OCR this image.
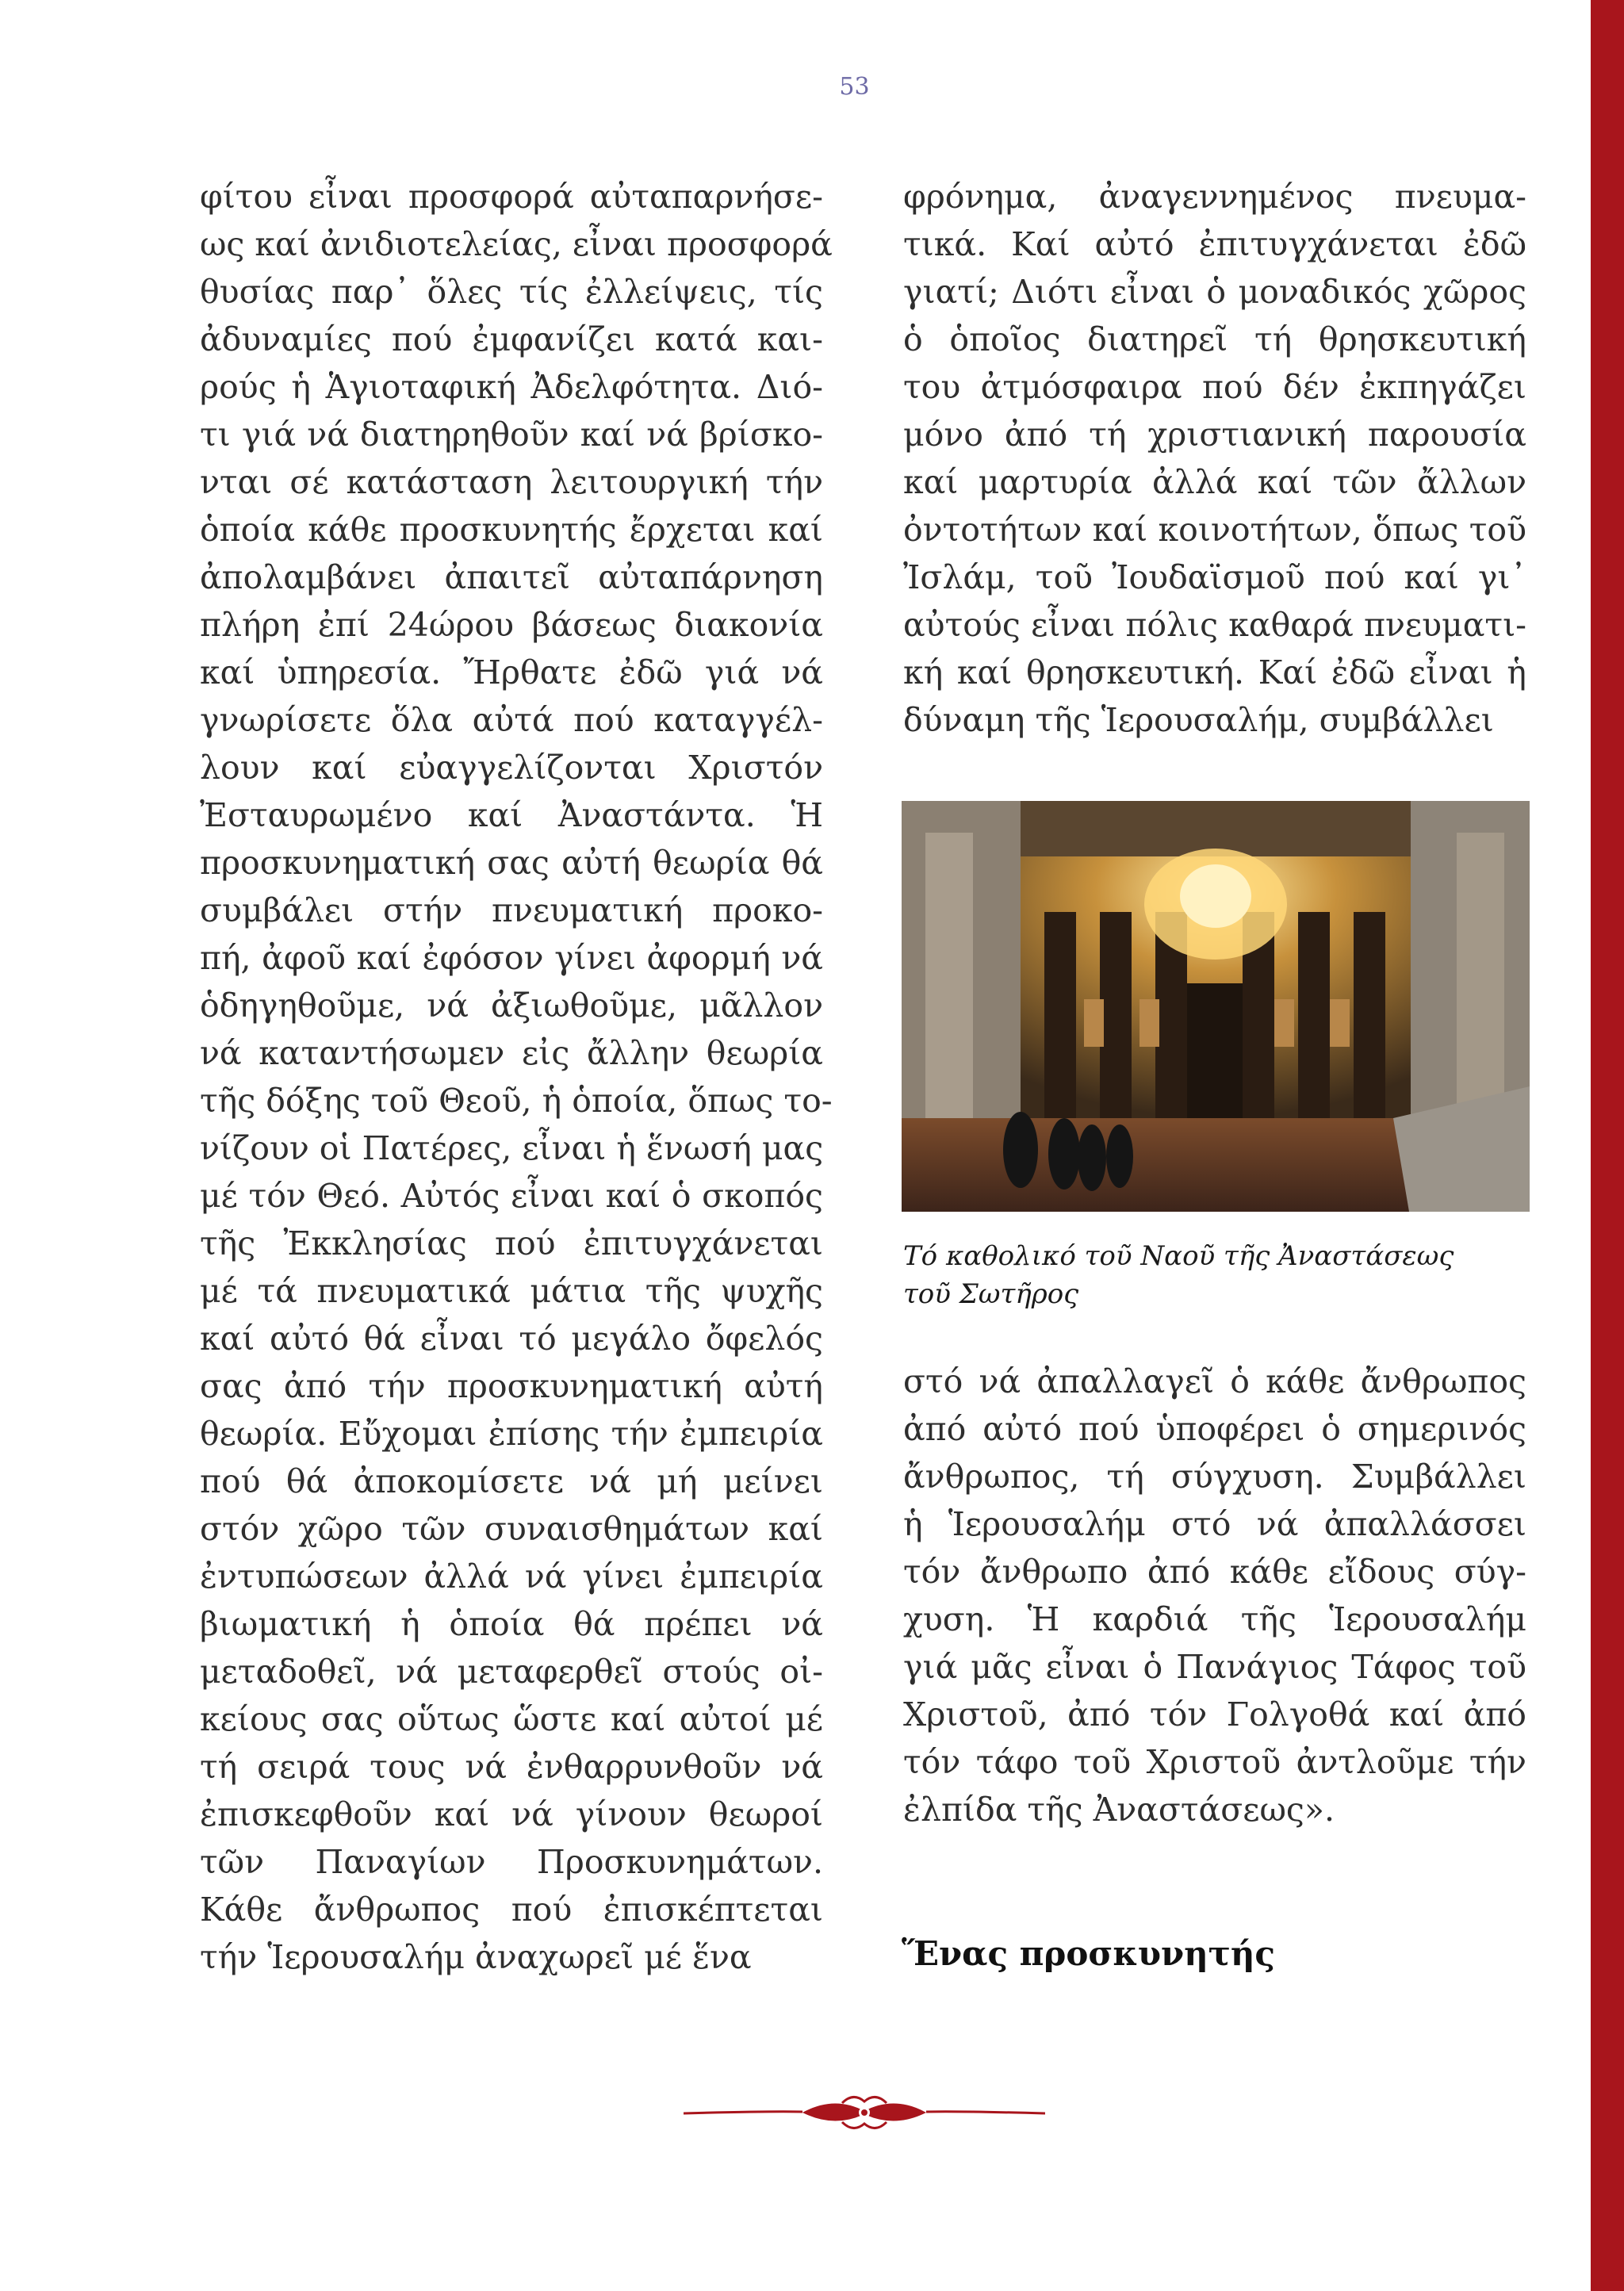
53
φίτου εἶναι προσφορά αὐταπαρνήσε-
ως καί ἀνιδιοτελείας, εἶναι προσφορά
θυσίας παρ᾿ ὅλες τίς ἐλλείψεις, τίς
ἀδυναμίες πού ἐμφανίζει κατά και-
ρούς ἡ Ἁγιοταφική Ἀδελφότητα. Διό-
τι γιά νά διατηρηθοῦν καί νά βρίσκο-
νται σέ κατάσταση λειτουργική τήν
ὁποία κάθε προσκυνητής ἔρχεται καί
ἀπολαμβάνει ἀπαιτεῖ αὐταπάρνηση
πλήρη ἐπί 24ώρου βάσεως διακονία
καί ὑπηρεσία. Ἤρθατε ἐδῶ γιά νά
γνωρίσετε ὅλα αὐτά πού καταγγέλ-
λουν καί εὐαγγελίζονται Χριστόν
Ἐσταυρωμένο καί Ἀναστάντα. Ἡ
προσκυνηματική σας αὐτή θεωρία θά
συμβάλει στήν πνευματική προκο-
πή, ἀφοῦ καί ἐφόσον γίνει ἀφορμή νά
ὁδηγηθοῦμε, νά ἀξιωθοῦμε, μᾶλλον
νά καταντήσωμεν εἰς ἄλλην θεωρία
τῆς δόξης τοῦ Θεοῦ, ἡ ὁποία, ὅπως το-
νίζουν οἱ Πατέρες, εἶναι ἡ ἕνωσή μας
μέ τόν Θεό. Αὐτός εἶναι καί ὁ σκοπός
τῆς Ἐκκλησίας πού ἐπιτυγχάνεται
μέ τά πνευματικά μάτια τῆς ψυχῆς
καί αὐτό θά εἶναι τό μεγάλο ὄφελός
σας ἀπό τήν προσκυνηματική αὐτή
θεωρία. Εὔχομαι ἐπίσης τήν ἐμπειρία
πού θά ἀποκομίσετε νά μή μείνει
στόν χῶρο τῶν συναισθημάτων καί
ἐντυπώσεων ἀλλά νά γίνει ἐμπειρία
βιωματική ἡ ὁποία θά πρέπει νά
μεταδοθεῖ, νά μεταφερθεῖ στούς οἰ-
κείους σας οὕτως ὥστε καί αὐτοί μέ
τή σειρά τους νά ἐνθαρρυνθοῦν νά
ἐπισκεφθοῦν καί νά γίνουν θεωροί
τῶν Παναγίων Προσκυνημάτων.
Κάθε ἄνθρωπος πού ἐπισκέπτεται
τήν Ἱερουσαλήμ ἀναχωρεῖ μέ ἕνα
φρόνημα, ἀναγεννημένος πνευμα-
τικά. Καί αὐτό ἐπιτυγχάνεται ἐδῶ
γιατί; Διότι εἶναι ὁ μοναδικός χῶρος
ὁ ὁποῖος διατηρεῖ τή θρησκευτική
του ἀτμόσφαιρα πού δέν ἐκπηγάζει
μόνο ἀπό τή χριστιανική παρουσία
καί μαρτυρία ἀλλά καί τῶν ἄλλων
ὀντοτήτων καί κοινοτήτων, ὅπως τοῦ
Ἰσλάμ, τοῦ Ἰουδαϊσμοῦ πού καί γι᾿
αὐτούς εἶναι πόλις καθαρά πνευματι-
κή καί θρησκευτική. Καί ἐδῶ εἶναι ἡ
δύναμη τῆς Ἱερουσαλήμ, συμβάλλει
Τό καθολικό τοῦ Ναοῦ τῆς Ἀναστάσεως
τοῦ Σωτῆρος
στό νά ἀπαλλαγεῖ ὁ κάθε ἄνθρωπος
ἀπό αὐτό πού ὑποφέρει ὁ σημερινός
ἄνθρωπος, τή σύγχυση. Συμβάλλει
ἡ Ἱερουσαλήμ στό νά ἀπαλλάσσει
τόν ἄνθρωπο ἀπό κάθε εἴδους σύγ-
χυση. Ἡ καρδιά τῆς Ἱερουσαλήμ
γιά μᾶς εἶναι ὁ Πανάγιος Τάφος τοῦ
Χριστοῦ, ἀπό τόν Γολγοθά καί ἀπό
τόν τάφο τοῦ Χριστοῦ ἀντλοῦμε τήν
ἐλπίδα τῆς Ἀναστάσεως».
Ἕνας προσκυνητής
